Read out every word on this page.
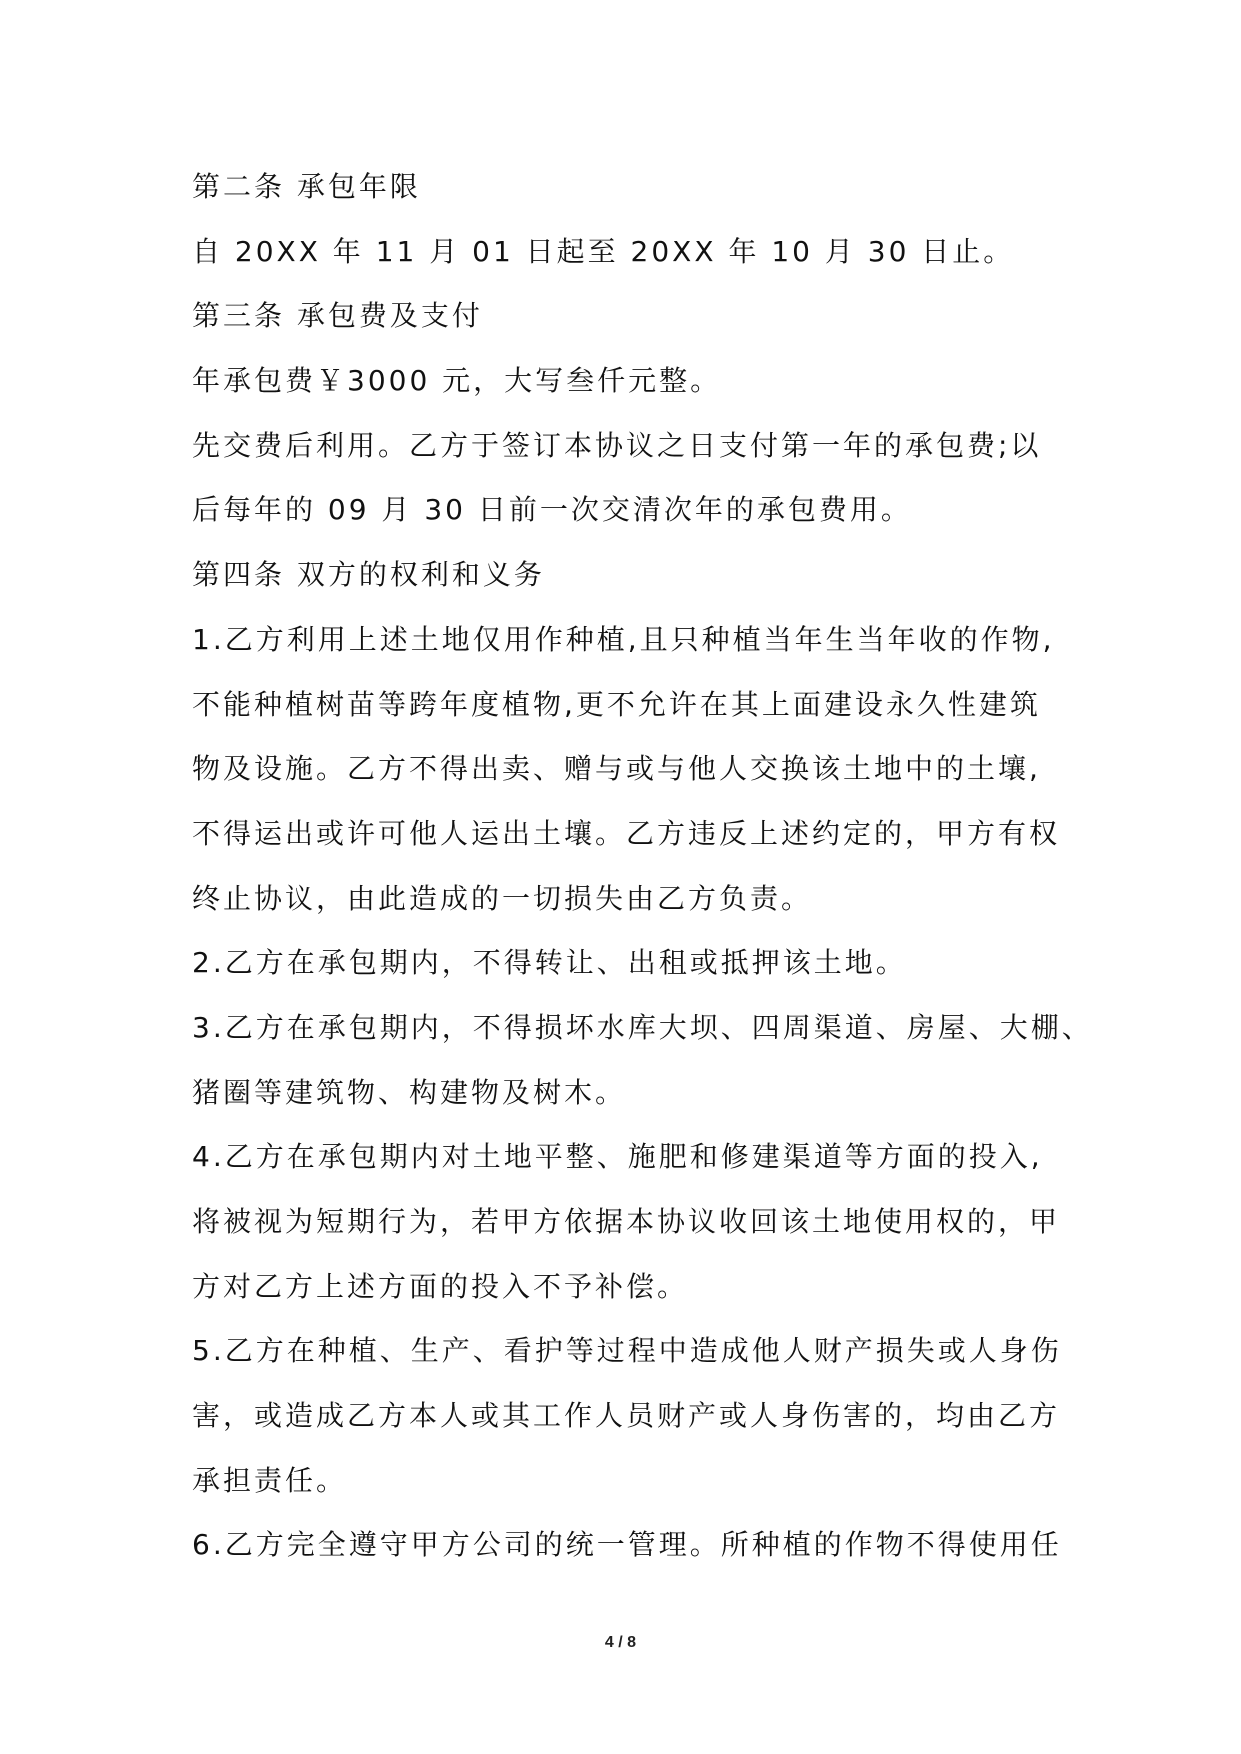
第二条 承包年限
自 20XX 年 11 月 01 日起至 20XX 年 10 月 30 日止。
第三条 承包费及支付
年承包费￥3000 元，大写叁仟元整。
先交费后利用。乙方于签订本协议之日支付第一年的承包费;以
后每年的 09 月 30 日前一次交清次年的承包费用。
第四条 双方的权利和义务
1.乙方利用上述土地仅用作种植,且只种植当年生当年收的作物,
不能种植树苗等跨年度植物,更不允许在其上面建设永久性建筑
物及设施。乙方不得出卖、赠与或与他人交换该土地中的土壤,
不得运出或许可他人运出土壤。乙方违反上述约定的，甲方有权
终止协议，由此造成的一切损失由乙方负责。
2.乙方在承包期内，不得转让、出租或抵押该土地。
3.乙方在承包期内，不得损坏水库大坝、四周渠道、房屋、大棚、
猪圈等建筑物、构建物及树木。
4.乙方在承包期内对土地平整、施肥和修建渠道等方面的投入,
将被视为短期行为，若甲方依据本协议收回该土地使用权的，甲
方对乙方上述方面的投入不予补偿。
5.乙方在种植、生产、看护等过程中造成他人财产损失或人身伤
害，或造成乙方本人或其工作人员财产或人身伤害的，均由乙方
承担责任。
6.乙方完全遵守甲方公司的统一管理。所种植的作物不得使用任
4 / 8
